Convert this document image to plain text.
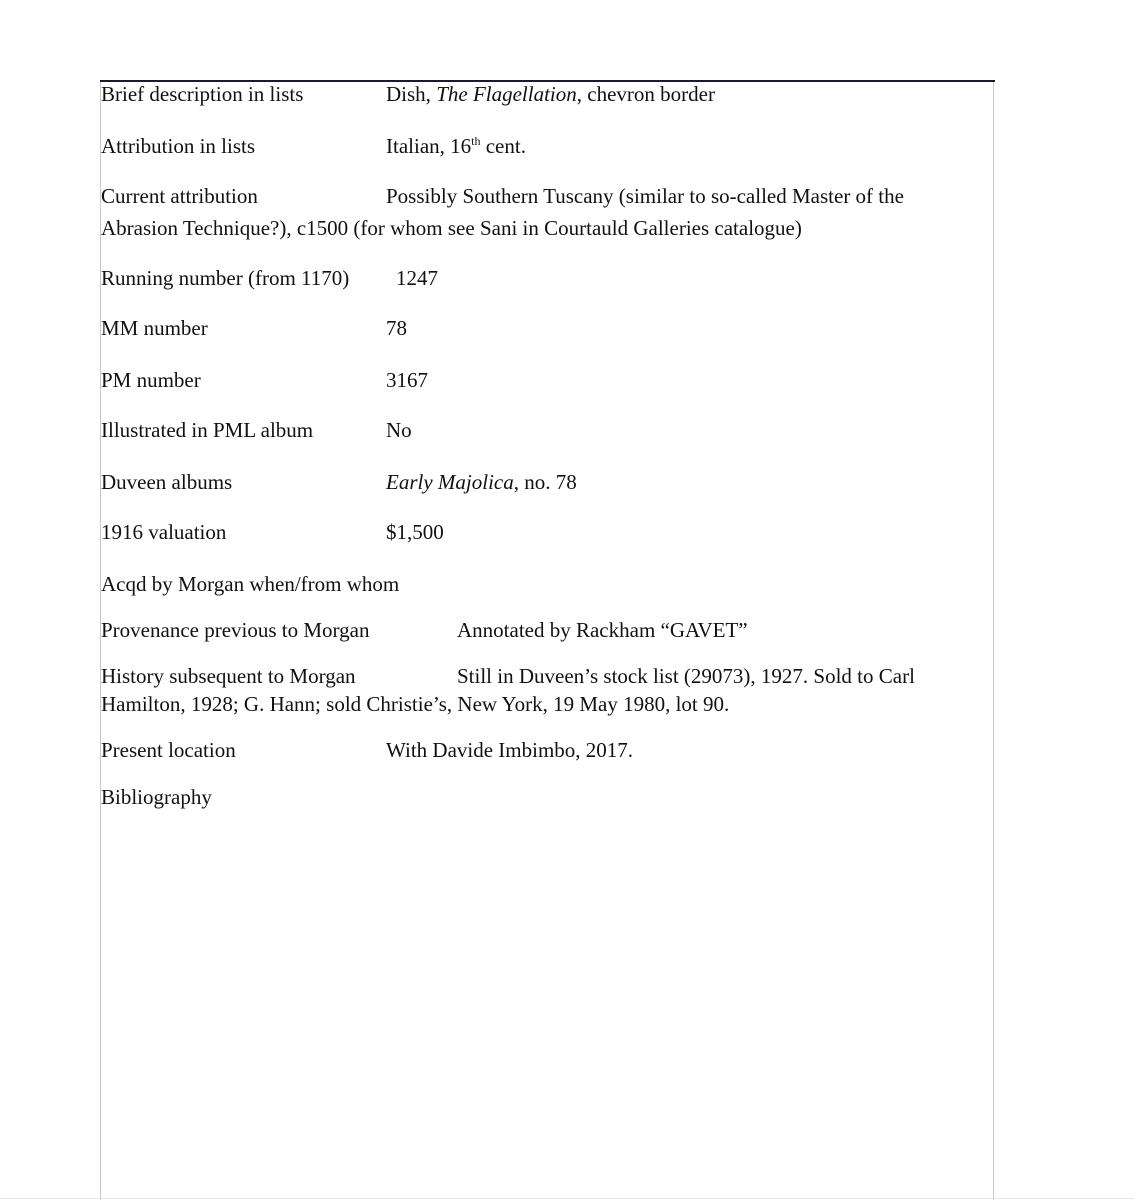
Brief description in lists	Dish, The Flagellation, chevron border
Attribution in lists	Italian, 16th cent.
Current attribution	Possibly Southern Tuscany (similar to so-called Master of the
Abrasion Technique?), c1500 (for whom see Sani in Courtauld Galleries catalogue)
Running number (from 1170) 1247
MM number	78
PM number	3167
Illustrated in PML album	No
Duveen albums	Early Majolica, no. 78
1916 valuation	$1,500
Acqd by Morgan when/from whom
Provenance previous to Morgan	Annotated by Rackham “GAVET”
History subsequent to Morgan	Still in Duveen’s stock list (29073), 1927. Sold to Carl
Hamilton, 1928; G. Hann; sold Christie’s, New York, 19 May 1980, lot 90.
Present location	With Davide Imbimbo, 2017.
Bibliography
